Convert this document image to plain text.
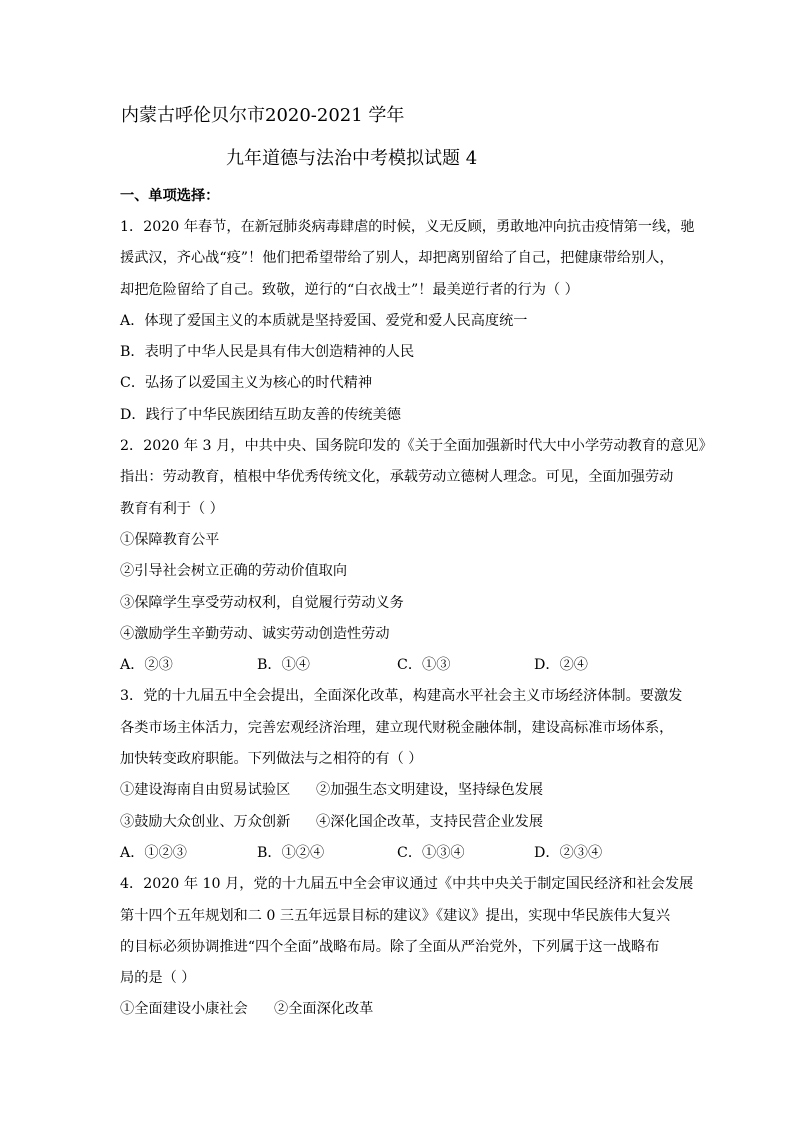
内蒙古呼伦贝尔市2020-2021 学年
九年道德与法治中考模拟试题 4
一、单项选择：
1．2020 年春节，在新冠肺炎病毒肆虐的时候，义无反顾，勇敢地冲向抗击疫情第一线，驰
援武汉，齐心战“疫”！他们把希望带给了别人，却把离别留给了自己，把健康带给别人，
却把危险留给了自己。致敬，逆行的“白衣战士”！最美逆行者的行为（ ）
A．体现了爱国主义的本质就是坚持爱国、爱党和爱人民高度统一
B．表明了中华人民是具有伟大创造精神的人民
C．弘扬了以爱国主义为核心的时代精神
D．践行了中华民族团结互助友善的传统美德
2．2020 年 3 月，中共中央、国务院印发的《关于全面加强新时代大中小学劳动教育的意见》
指出：劳动教育，植根中华优秀传统文化，承载劳动立德树人理念。可见，全面加强劳动
教育有利于（ ）
①保障教育公平
②引导社会树立正确的劳动价值取向
③保障学生享受劳动权利，自觉履行劳动义务
④激励学生辛勤劳动、诚实劳动创造性劳动
A．②③	B．①④	C．①③	D．②④
3．党的十九届五中全会提出，全面深化改革，构建高水平社会主义市场经济体制。要激发
各类市场主体活力，完善宏观经济治理，建立现代财税金融体制，建设高标准市场体系，
加快转变政府职能。下列做法与之相符的有（ ）
①建设海南自由贸易试验区 ②加强生态文明建设，坚持绿色发展
③鼓励大众创业、万众创新 ④深化国企改革，支持民营企业发展
A．①②③	B．①②④	C．①③④	D．②③④
4．2020 年 10 月，党的十九届五中全会审议通过《中共中央关于制定国民经济和社会发展
第十四个五年规划和二 0 三五年远景目标的建议》《建议》提出，实现中华民族伟大复兴
的目标必须协调推进“四个全面”战略布局。除了全面从严治党外，下列属于这一战略布
局的是（ ）
①全面建设小康社会 ②全面深化改革
